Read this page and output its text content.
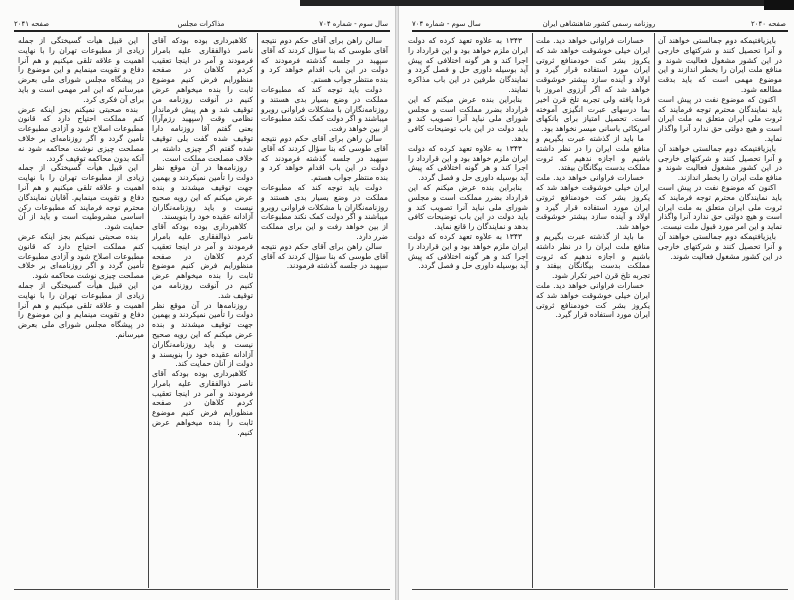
سال سوم - شماره ۷۰۴
مذاکرات مجلس
صفحه ۲۰۴۱

سالن راهن برای آقای حکم دوم نتیجه آقای طوسی که بنا سؤال کردند که آقای سپهبد در جلسه گذشته فرمودند که دولت در این باب اقدام خواهد کرد و بنده منتظر جواب هستم.

دولت باید توجه کند که مطبوعات مملکت در وضع بسیار بدی هستند و روزنامه‌نگاران با مشکلات فراوانی روبرو میباشند و اگر دولت کمک نکند مطبوعات از بین خواهد رفت.

سالن راهن برای آقای حکم دوم نتیجه آقای طوسی که بنا سؤال کردند که آقای سپهبد در جلسه گذشته فرمودند که دولت در این باب اقدام خواهد کرد و بنده منتظر جواب هستم.

دولت باید توجه کند که مطبوعات مملکت در وضع بسیار بدی هستند و روزنامه‌نگاران با مشکلات فراوانی روبرو میباشند و اگر دولت کمک نکند مطبوعات از بین خواهد رفت و این برای مملکت ضرر دارد.

سالن راهن برای آقای حکم دوم نتیجه آقای طوسی که بنا سؤال کردند که آقای سپهبد در جلسه گذشته فرمودند.

کلاهبرداری بوده بودکه آقای ناصر ذوالفقاری علیه بامرار فرمودند و آمر در اینجا تعقیب کردم کلاهان در صفحه منظورایم فرض کنیم موضوع ثابت را بنده میخواهم عرض کنیم در آنوقت روزنامه من توقیف شد و هم پیش فرماندار نظامی وقت (سپهبد رزم‌آرا) بعنی گفتم آقا روزنامه دارا توقیف شده گفت بلی توقیف شده گفتم اگر چیزی داشته بر خلاف مصلحت مملکت است.

روزنامه‌ها در آن موقع نظر دولت را تأمین نمیکردند و بهمین جهت توقیف میشدند و بنده عرض میکنم که این رویه صحیح نیست و باید روزنامه‌نگاران آزادانه عقیده خود را بنویسند.

کلاهبرداری بوده بودکه آقای ناصر ذوالفقاری علیه بامرار فرمودند و آمر در اینجا تعقیب کردم کلاهان در صفحه منظورایم فرض کنیم موضوع ثابت را بنده میخواهم عرض کنیم در آنوقت روزنامه من توقیف شد.

روزنامه‌ها در آن موقع نظر دولت را تأمین نمیکردند و بهمین جهت توقیف میشدند و بنده عرض میکنم که این رویه صحیح نیست و باید روزنامه‌نگاران آزادانه عقیده خود را بنویسند و دولت از آنان حمایت کند.

کلاهبرداری بوده بودکه آقای ناصر ذوالفقاری علیه بامرار فرمودند و آمر در اینجا تعقیب کردم کلاهان در صفحه منظورایم فرض کنیم موضوع ثابت را بنده میخواهم عرض کنیم.

این قبیل هیأت گسیختگی از جمله زیادی از مطبوعات تهران را با نهایت اهمیت و علاقه تلقی میکنیم و هم آنرا دفاع و تقویت مینمایم و این موضوع را در پیشگاه مجلس شورای ملی بعرض میرسانم که این امر مهمی است و باید برای آن فکری کرد.

بنده صحبتی نمیکنم بجز اینکه عرض کنم مملکت احتیاج دارد که قانون مطبوعات اصلاح شود و آزادی مطبوعات تأمین گردد و اگر روزنامه‌ای بر خلاف مصلحت چیزی نوشت محاکمه شود نه آنکه بدون محاکمه توقیف گردد.

این قبیل هیأت گسیختگی از جمله زیادی از مطبوعات تهران را با نهایت اهمیت و علاقه تلقی میکنیم و هم آنرا دفاع و تقویت مینمایم. آقایان نمایندگان محترم توجه فرمایند که مطبوعات رکن اساسی مشروطیت است و باید از آن حمایت شود.

بنده صحبتی نمیکنم بجز اینکه عرض کنم مملکت احتیاج دارد که قانون مطبوعات اصلاح شود و آزادی مطبوعات تأمین گردد و اگر روزنامه‌ای بر خلاف مصلحت چیزی نوشت محاکمه شود.

این قبیل هیأت گسیختگی از جمله زیادی از مطبوعات تهران را با نهایت اهمیت و علاقه تلقی میکنیم و هم آنرا دفاع و تقویت مینمایم و این موضوع را در پیشگاه مجلس شورای ملی بعرض میرسانم.

سال سوم - شماره ۷۰۴	روزنامه رسمی کشور شاهنشاهی ایران	صفحه ۲۰۴۰

بایزیافتیمکه دوم جمالستی خواهند آن و آنرا تحصیل کنند و شرکتهای خارجی در این کشور مشغول فعالیت شوند و منافع ملت ایران را بخطر اندازند و این موضوع مهمی است که باید بدقت مطالعه شود.

اکنون که موضوع نفت در پیش است باید نمایندگان محترم توجه فرمایند که ثروت ملی ایران متعلق به ملت ایران است و هیچ دولتی حق ندارد آنرا واگذار نماید.

بایزیافتیمکه دوم جمالستی خواهند آن و آنرا تحصیل کنند و شرکتهای خارجی در این کشور مشغول فعالیت شوند و منافع ملت ایران را بخطر اندازند.

اکنون که موضوع نفت در پیش است باید نمایندگان محترم توجه فرمایند که ثروت ملی ایران متعلق به ملت ایران است و هیچ دولتی حق ندارد آنرا واگذار نماید و این امر مورد قبول ملت نیست.

بایزیافتیمکه دوم جمالستی خواهند آن و آنرا تحصیل کنند و شرکتهای خارجی در این کشور مشغول فعالیت شوند.

خسارات فراوانی خواهد دید. ملت ایران خیلی خوشوقت خواهد شد که یکروز بشر کت خودمنافع ثروتی ایران مورد استفاده قرار گیرد و اولاد و آینده سازد بیشتر خوشوقت خواهد شد که اگر آرزوی امروز با فردا یافته ولی تجربه تلخ قرن اخیر بما درسهای عبرت انگیزی آموخته است. تحصیل امتیاز برای بانکهای امریکائی باسانی میسر نخواهد بود.

ما باید از گذشته عبرت بگیریم و منافع ملت ایران را در نظر داشته باشیم و اجازه ندهیم که ثروت مملکت بدست بیگانگان بیفتد.

خسارات فراوانی خواهد دید. ملت ایران خیلی خوشوقت خواهد شد که یکروز بشر کت خودمنافع ثروتی ایران مورد استفاده قرار گیرد و اولاد و آینده سازد بیشتر خوشوقت خواهد شد.

ما باید از گذشته عبرت بگیریم و منافع ملت ایران را در نظر داشته باشیم و اجازه ندهیم که ثروت مملکت بدست بیگانگان بیفتد و تجربه تلخ قرن اخیر تکرار شود.

خسارات فراوانی خواهد دید. ملت ایران خیلی خوشوقت خواهد شد که یکروز بشر کت خودمنافع ثروتی ایران مورد استفاده قرار گیرد.

۱۳۴۳ به علاوه تعهد کرده که دولت ایران ملزم خواهد بود و این قرارداد را اجرا کند و هر گونه اختلافی که پیش آید بوسیله داوری حل و فصل گردد و نمایندگان طرفین در این باب مذاکره نمایند.

بنابراین بنده عرض میکنم که این قرارداد بضرر مملکت است و مجلس شورای ملی نباید آنرا تصویب کند و باید دولت در این باب توضیحات کافی بدهد.

۱۳۴۳ به علاوه تعهد کرده که دولت ایران ملزم خواهد بود و این قرارداد را اجرا کند و هر گونه اختلافی که پیش آید بوسیله داوری حل و فصل گردد.

بنابراین بنده عرض میکنم که این قرارداد بضرر مملکت است و مجلس شورای ملی نباید آنرا تصویب کند و باید دولت در این باب توضیحات کافی بدهد و نمایندگان را قانع نماید.

۱۳۴۳ به علاوه تعهد کرده که دولت ایران ملزم خواهد بود و این قرارداد را اجرا کند و هر گونه اختلافی که پیش آید بوسیله داوری حل و فصل گردد.
